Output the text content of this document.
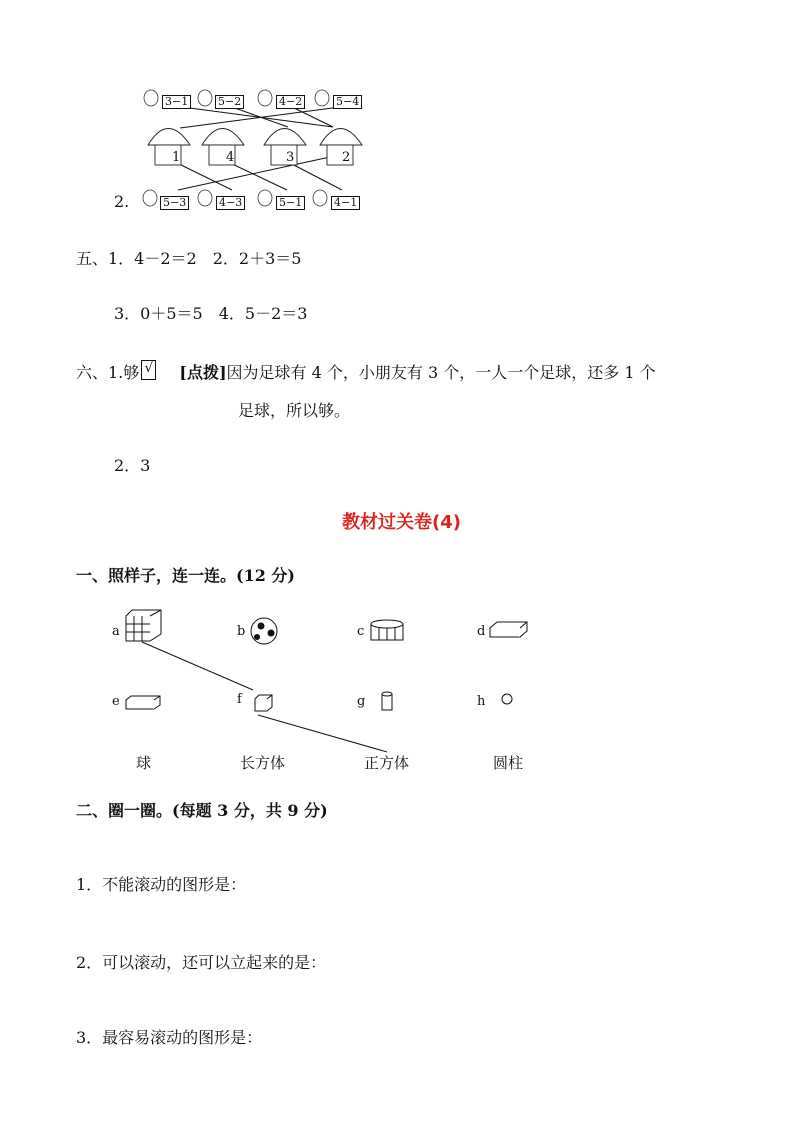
3−1	5−2	4−2	5−4
1	4	3	2
5−3	4−3	5−1	4−1
2.
五、1．4－2＝2　2．2＋3＝5
3．0＋5＝5　4．5－2＝3
六、1.够 √ [点拨]因为足球有 4 个，小朋友有 3 个，一人一个足球，还多 1 个
足球，所以够。
2．3
教材过关卷(4)
一、照样子，连一连。(12 分)
a	b	c	d
e	f	g	h
球	长方体	正方体	圆柱
二、圈一圈。(每题 3 分，共 9 分)
1．不能滚动的图形是：
2．可以滚动，还可以立起来的是：
3．最容易滚动的图形是：
